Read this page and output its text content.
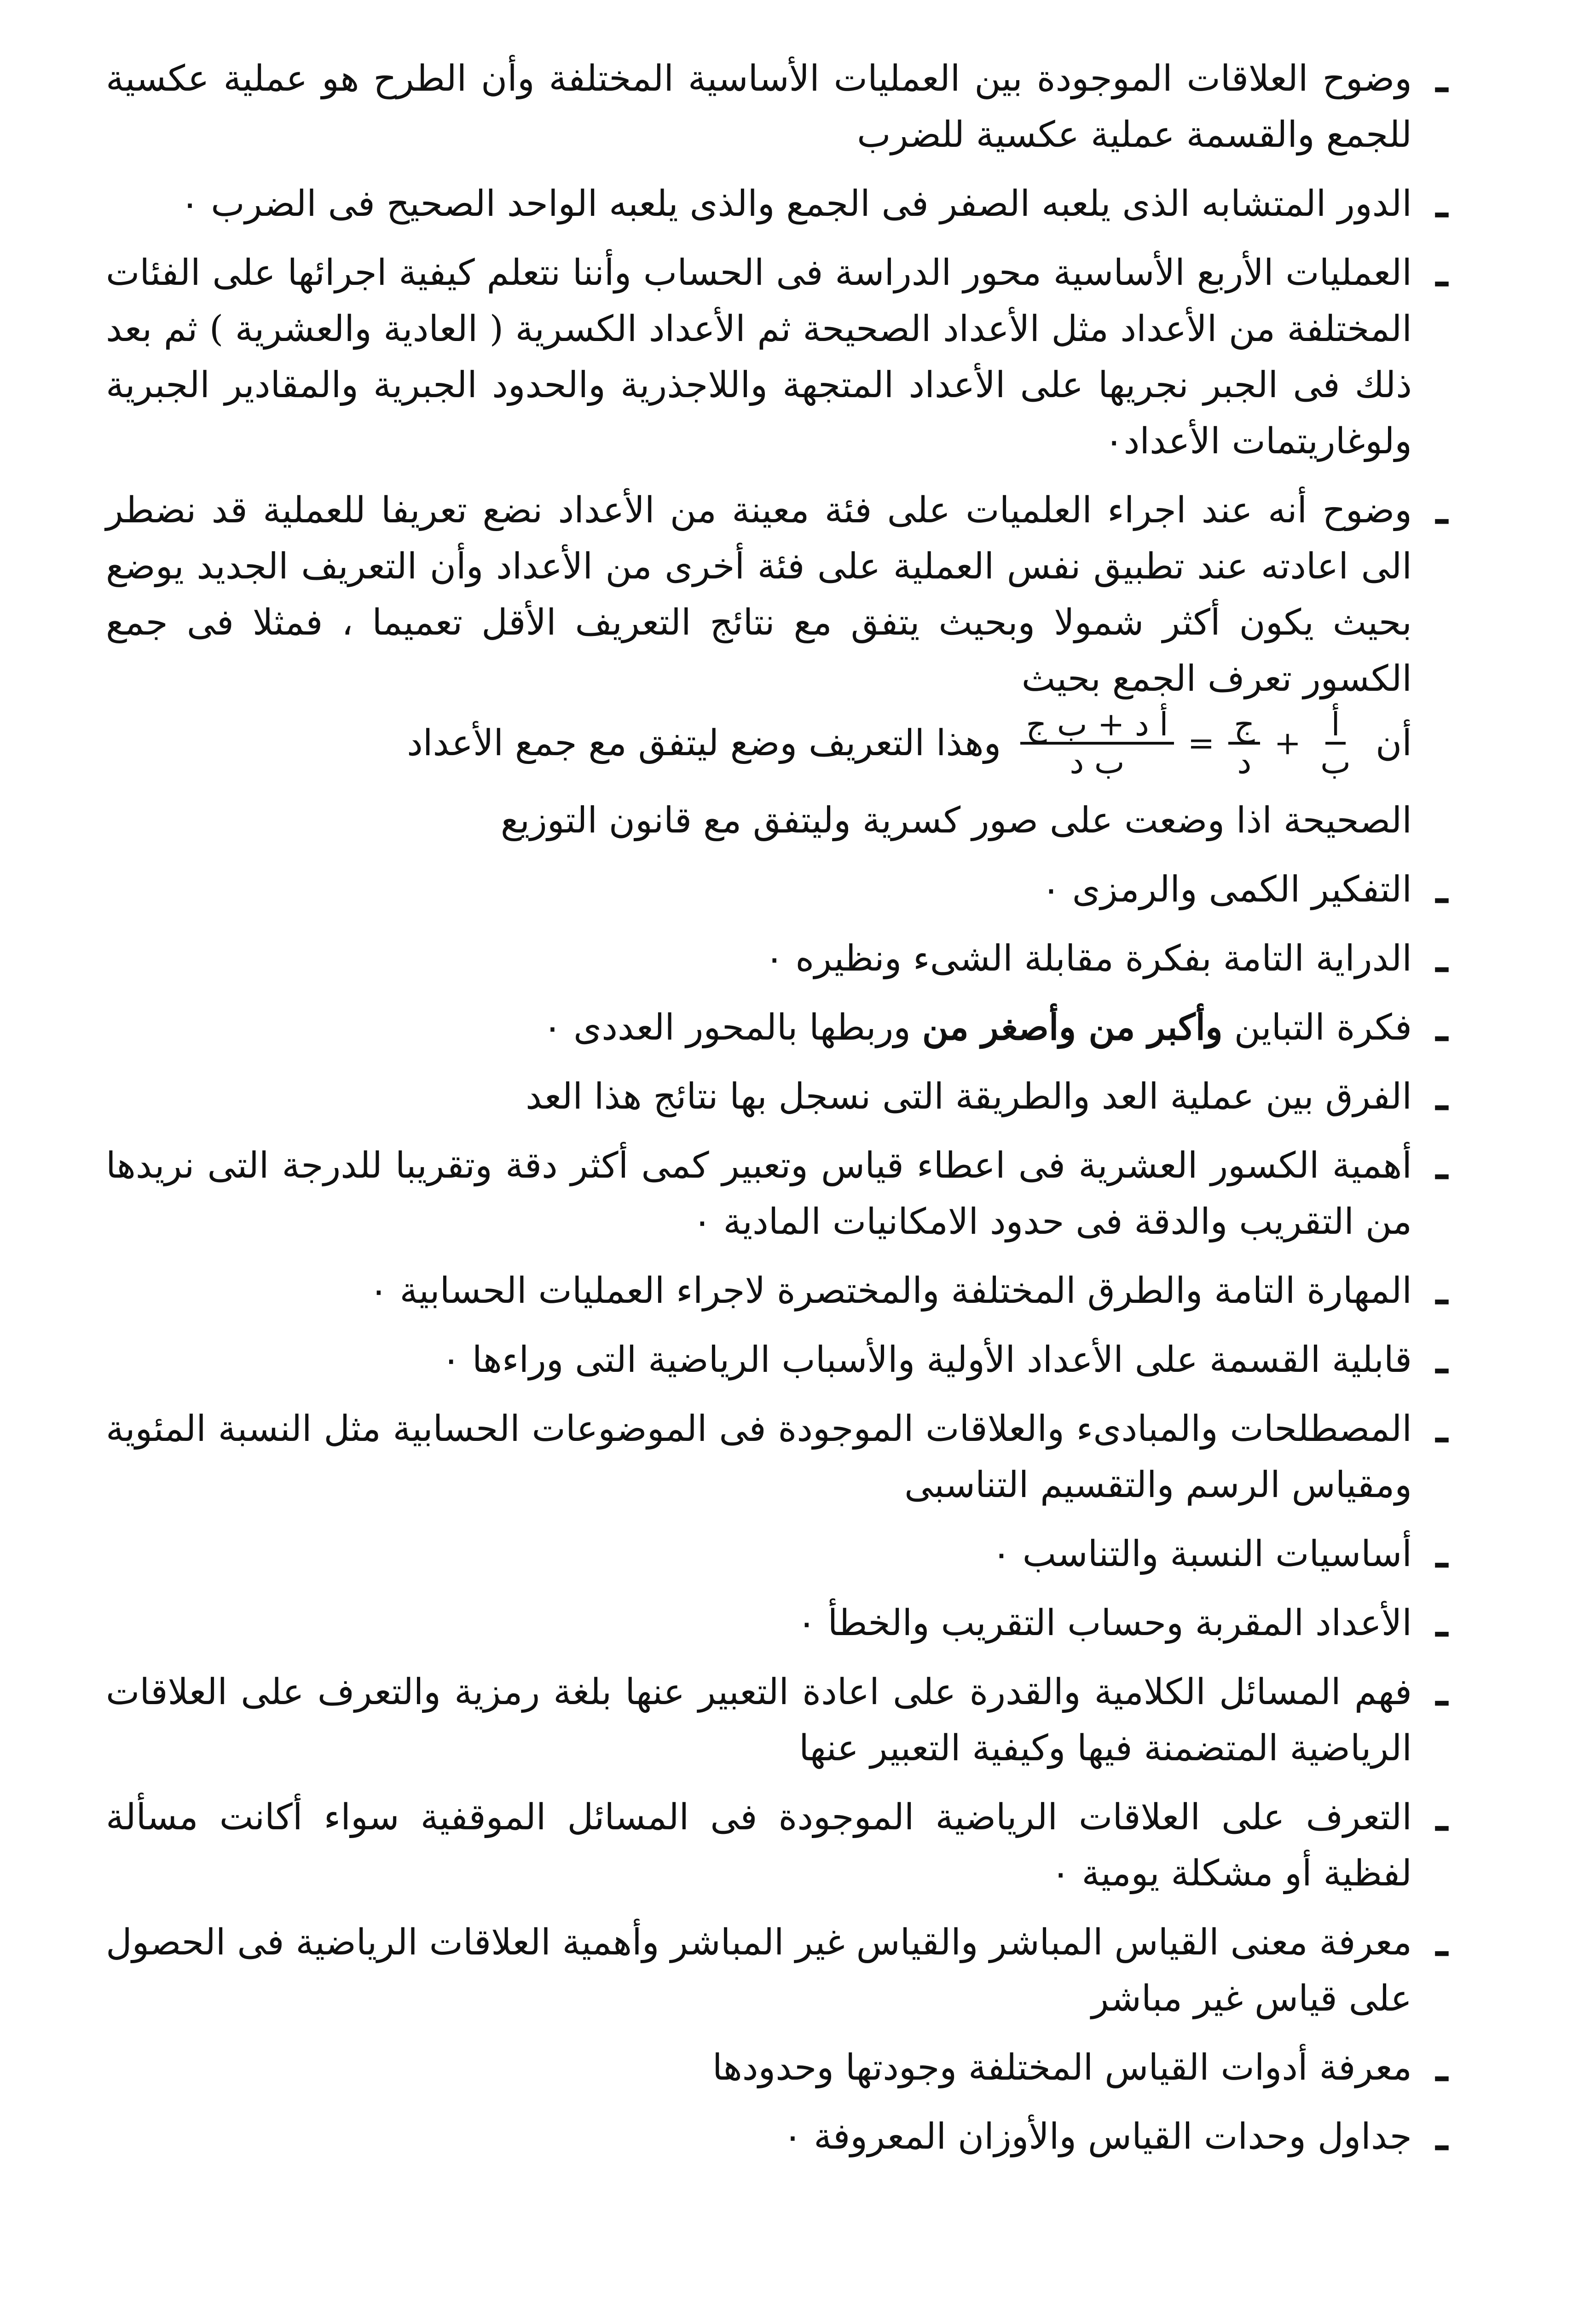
ـ
وضوح العلاقات الموجودة بين العمليات الأساسية المختلفة وأن الطرح هو عملية عكسية للجمع والقسمة عملية عكسية للضرب
ـ
الدور المتشابه الذى يلعبه الصفر فى الجمع والذى يلعبه الواحد الصحيح فى الضرب ٠
ـ
العمليات الأربع الأساسية محور الدراسة فى الحساب وأننا نتعلم كيفية اجرائها على الفئات المختلفة من الأعداد مثل الأعداد الصحيحة ثم الأعداد الكسرية ( العادية والعشرية ) ثم بعد ذلك فى الجبر نجريها على الأعداد المتجهة واللاجذرية والحدود الجبرية والمقادير الجبرية ولوغاريتمات الأعداد٠
ـ
وضوح أنه عند اجراء العلميات على فئة معينة من الأعداد نضع تعريفا للعملية قد نضطر الى اعادته عند تطبيق نفس العملية على فئة أخرى من الأعداد وأن التعريف الجديد يوضع بحيث يكون أكثر شمولا وبحيث يتفق مع نتائج التعريف الأقل تعميما ، فمثلا فى جمع الكسور تعرف الجمع بحيث
أن
$\frac{\text{أ د + ب ج}}{\text{ب د}} = \frac{\text{ج}}{\text{د}} + \frac{\text{أ}}{\text{ب}}$
وهذا التعريف وضع ليتفق مع جمع الأعداد
الصحيحة اذا وضعت على صور كسرية وليتفق مع قانون التوزيع
ـ
التفكير الكمى والرمزى ٠
ـ
الدراية التامة بفكرة مقابلة الشىء ونظيره ٠
ـ
فكرة التباين وأكبر من وأصغر من وربطها بالمحور العددى ٠
ـ
الفرق بين عملية العد والطريقة التى نسجل بها نتائج هذا العد
ـ
أهمية الكسور العشرية فى اعطاء قياس وتعبير كمى أكثر دقة وتقريبا للدرجة التى نريدها من التقريب والدقة فى حدود الامكانيات المادية ٠
ـ
المهارة التامة والطرق المختلفة والمختصرة لاجراء العمليات الحسابية ٠
ـ
قابلية القسمة على الأعداد الأولية والأسباب الرياضية التى وراءها ٠
ـ
المصطلحات والمبادىء والعلاقات الموجودة فى الموضوعات الحسابية مثل النسبة المئوية ومقياس الرسم والتقسيم التناسبى
ـ
أساسيات النسبة والتناسب ٠
ـ
الأعداد المقربة وحساب التقريب والخطأ ٠
ـ
فهم المسائل الكلامية والقدرة على اعادة التعبير عنها بلغة رمزية والتعرف على العلاقات الرياضية المتضمنة فيها وكيفية التعبير عنها
ـ
التعرف على العلاقات الرياضية الموجودة فى المسائل الموقفية سواء أكانت مسألة لفظية أو مشكلة يومية ٠
ـ
معرفة معنى القياس المباشر والقياس غير المباشر وأهمية العلاقات الرياضية فى الحصول على قياس غير مباشر
ـ
معرفة أدوات القياس المختلفة وجودتها وحدودها
ـ
جداول وحدات القياس والأوزان المعروفة ٠
